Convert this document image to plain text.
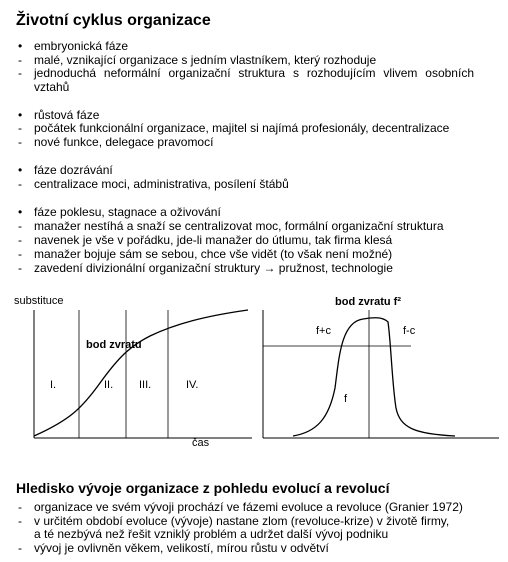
Životní cyklus organizace
• embryonická fáze
-	malé, vznikající organizace s jedním vlastníkem, který rozhoduje
-	jednoduchá neformální organizační struktura s rozhodujícím vlivem osobních vztahů
• růstová fáze
-	počátek funkcionální organizace, majitel si najímá profesionály, decentralizace
-	nové funkce, delegace pravomocí
• fáze dozrávání
-	centralizace moci, administrativa, posílení štábů
• fáze poklesu, stagnace a oživování
-	manažer nestíhá a snaží se centralizovat moc, formální organizační struktura
-	navenek je vše v pořádku, jde-li manažer do útlumu, tak firma klesá
-	manažer bojuje sám se sebou, chce vše vidět (to však není možné)
-	zavedení divizionální organizační struktury → pružnost, technologie
substituce
bod zvratu
I.	II. III.	IV.
čas
bod zvratu f²
f+c	f-c
f
Hledisko vývoje organizace z pohledu evolucí a revolucí
-	organizace ve svém vývoji prochází ve fázemi evoluce a revoluce (Granier 1972)
-	v určitém období evoluce (vývoje) nastane zlom (revoluce-krize) v životě firmy,
a té nezbývá než řešit vzniklý problém a udržet další vývoj podniku
-	vývoj je ovlivněn věkem, velikostí, mírou růstu v odvětví
